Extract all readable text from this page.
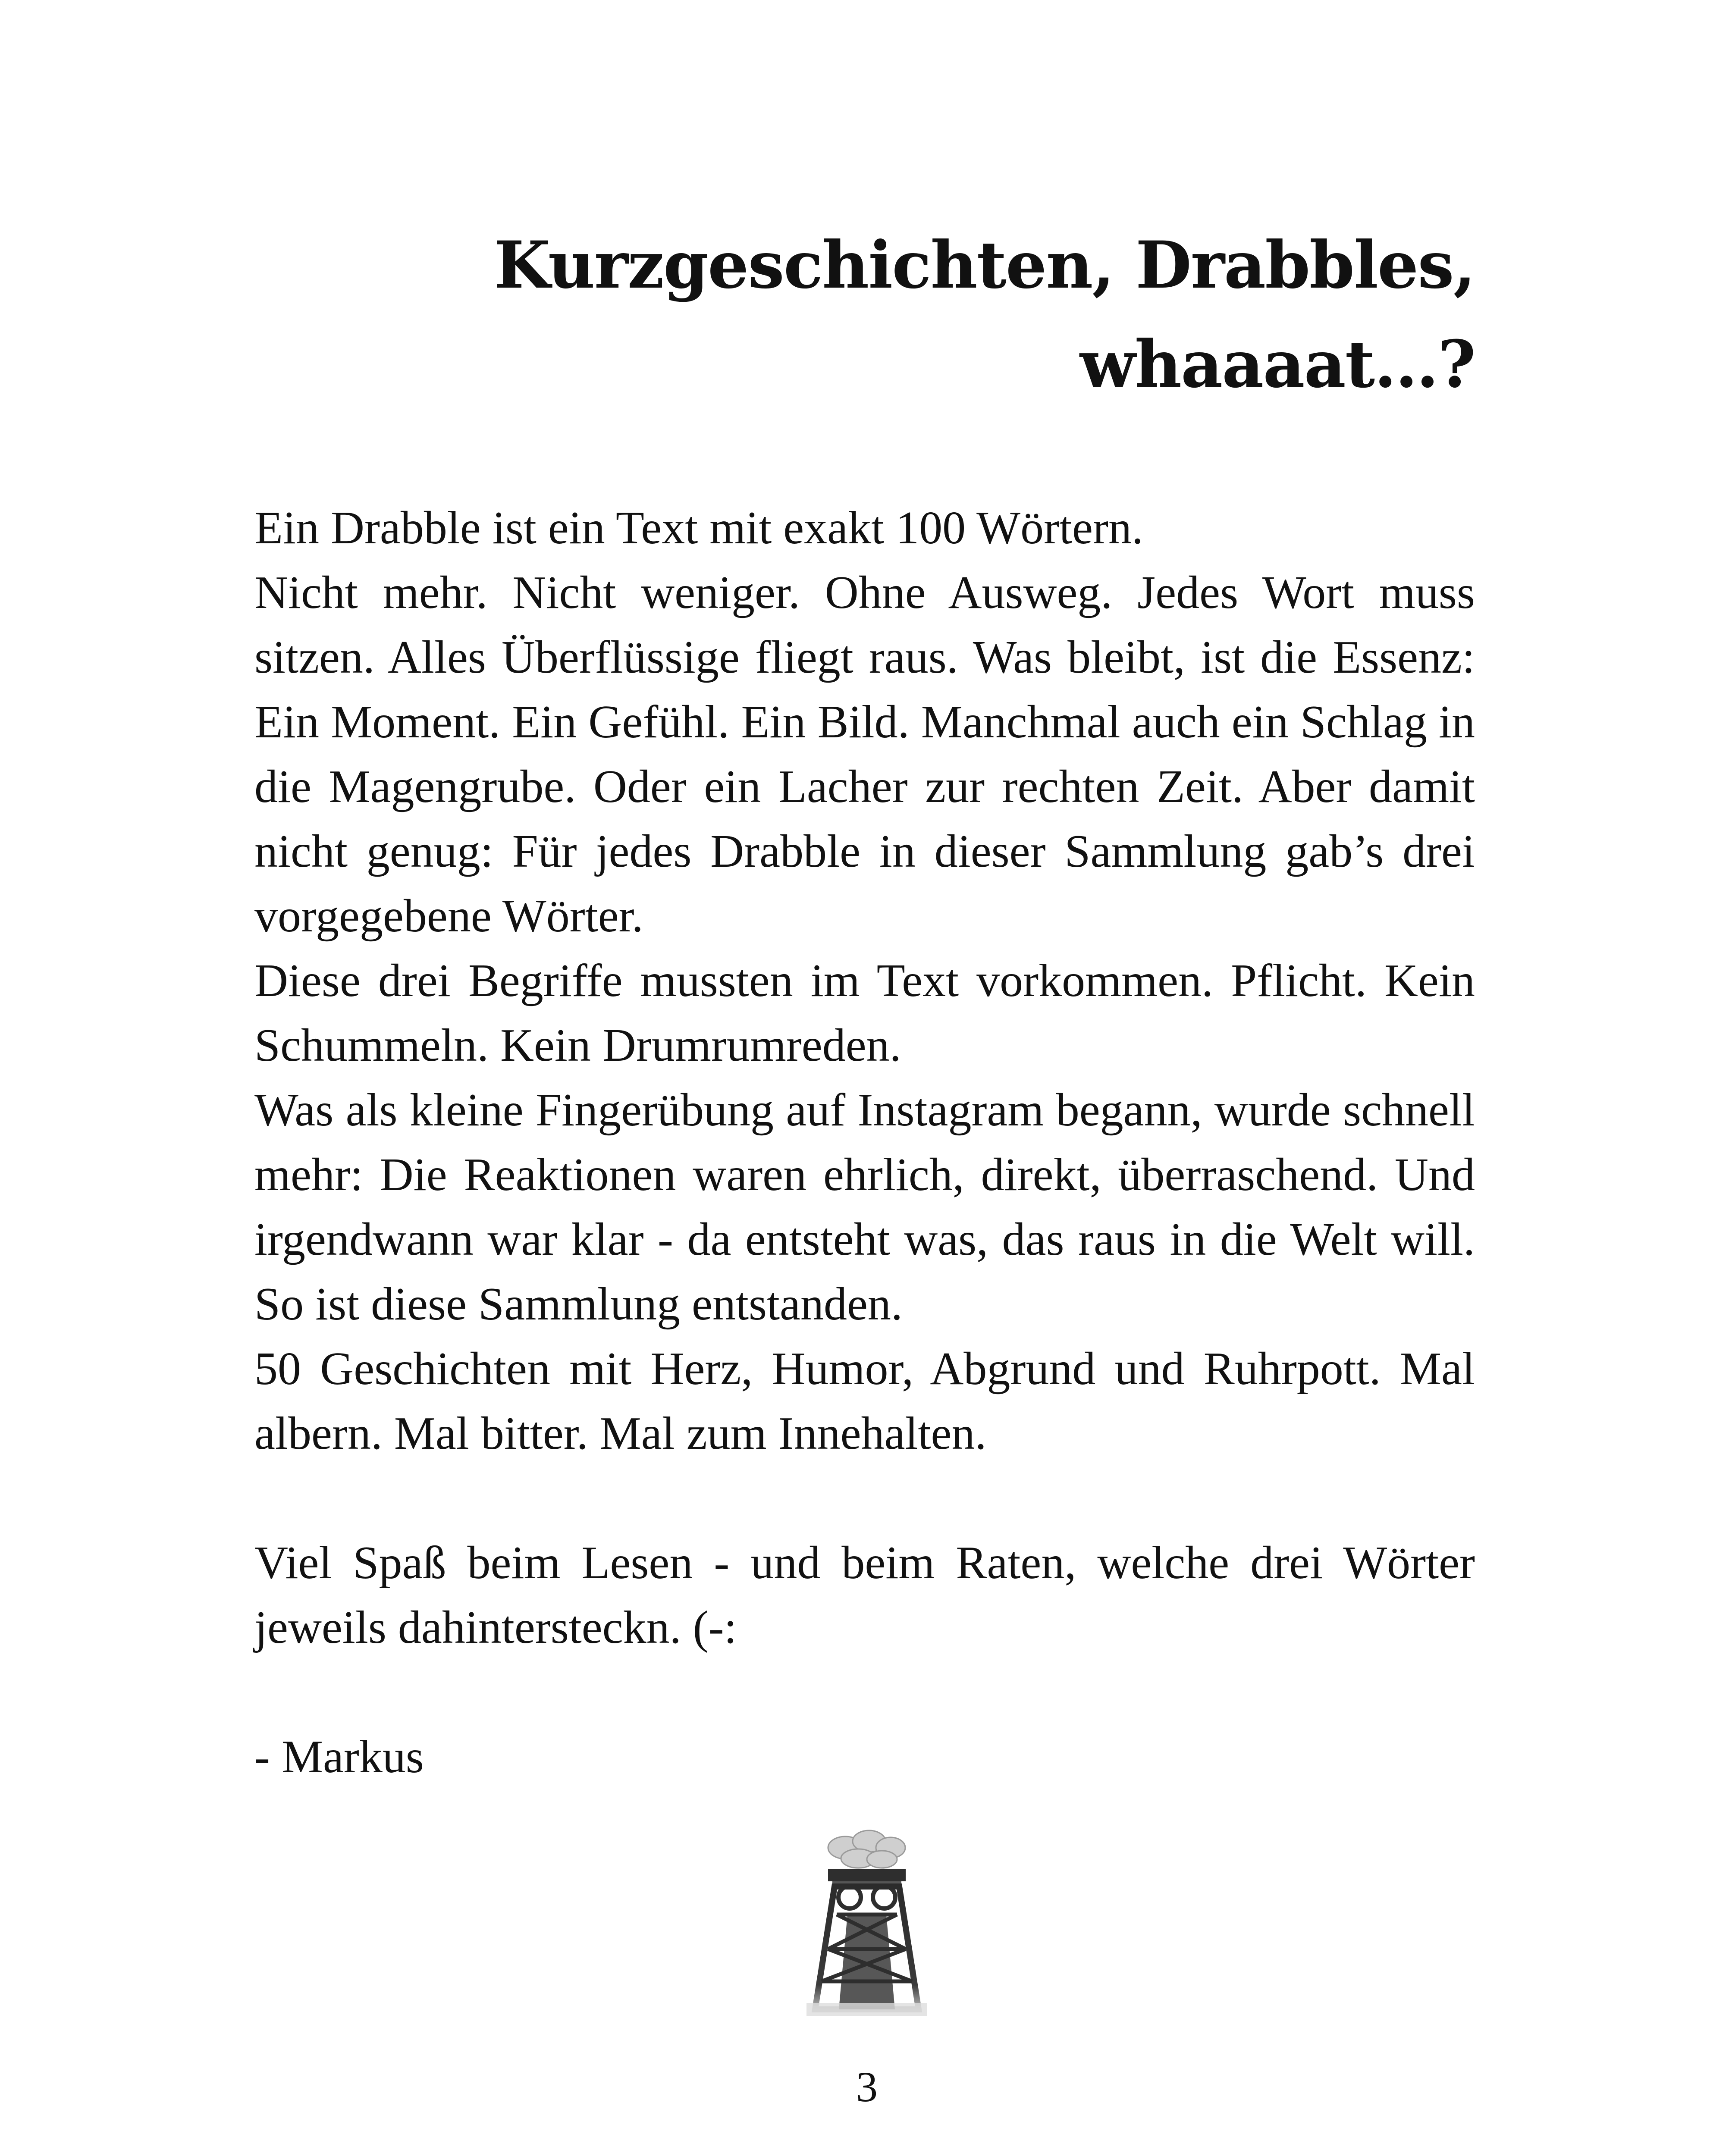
Kurzgeschichten, Drabbles,
whaaaat…?

Ein Drabble ist ein Text mit exakt 100 Wörtern.

Nicht mehr. Nicht weniger. Ohne Ausweg. Jedes Wort muss sitzen. Alles Überflüssige fliegt raus. Was bleibt, ist die Essenz: Ein Moment. Ein Gefühl. Ein Bild. Manchmal auch ein Schlag in die Magengrube. Oder ein Lacher zur rechten Zeit. Aber damit nicht genug: Für jedes Drabble in dieser Sammlung gab’s drei vorgegebene Wörter.

Diese drei Begriffe mussten im Text vorkommen. Pflicht. Kein Schummeln. Kein Drumrumreden.

Was als kleine Fingerübung auf Instagram begann, wurde schnell mehr: Die Reaktionen waren ehrlich, direkt, überraschend. Und irgendwann war klar - da entsteht was, das raus in die Welt will. So ist diese Sammlung entstanden.

50 Geschichten mit Herz, Humor, Abgrund und Ruhrpott. Mal albern. Mal bitter. Mal zum Innehalten.

Viel Spaß beim Lesen - und beim Raten, welche drei Wörter jeweils dahintersteckn. (-:

- Markus

3
